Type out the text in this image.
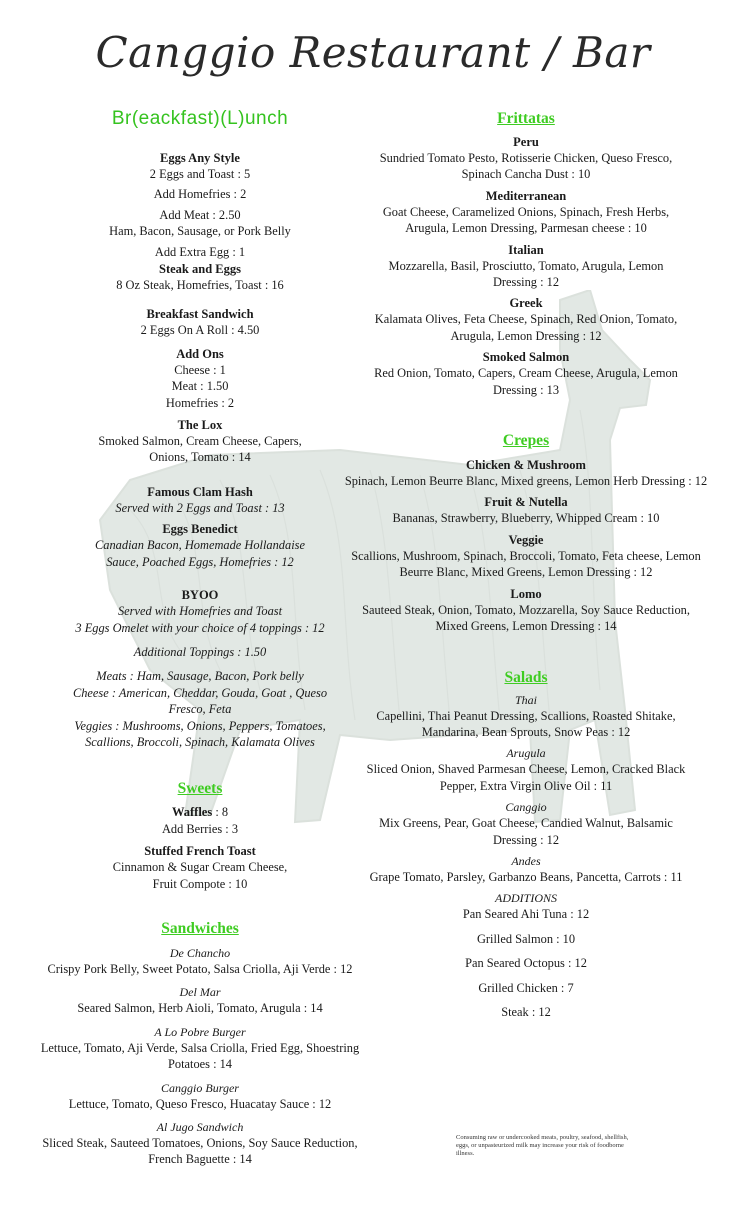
Canggio Restaurant / Bar
Br(eackfast)(L)unch
Eggs Any Style
2 Eggs and Toast : 5
Add Homefries : 2
Add Meat : 2.50
Ham, Bacon, Sausage, or Pork Belly
Add Extra Egg : 1
Steak and Eggs
8 Oz Steak, Homefries, Toast : 16
Breakfast Sandwich
2 Eggs On A Roll : 4.50
Add Ons
Cheese : 1
Meat : 1.50
Homefries : 2
The Lox
Smoked Salmon, Cream Cheese, Capers,
Onions, Tomato : 14
Famous Clam Hash
Served with 2 Eggs and Toast : 13
Eggs Benedict
Canadian Bacon, Homemade Hollandaise
Sauce, Poached Eggs, Homefries : 12
BYOO
Served with Homefries and Toast
3 Eggs Omelet with your choice of 4 toppings : 12
Additional Toppings : 1.50
Meats : Ham, Sausage, Bacon, Pork belly
Cheese : American, Cheddar, Gouda, Goat , Queso
Fresco, Feta
Veggies : Mushrooms, Onions, Peppers, Tomatoes,
Scallions, Broccoli, Spinach, Kalamata Olives
Sweets
Waffles : 8
Add Berries : 3
Stuffed French Toast
Cinnamon & Sugar Cream Cheese,
Fruit Compote : 10
Sandwiches
De Chancho
Crispy Pork Belly, Sweet Potato, Salsa Criolla, Aji Verde : 12
Del Mar
Seared Salmon, Herb Aioli, Tomato, Arugula : 14
A Lo Pobre Burger
Lettuce, Tomato, Aji Verde, Salsa Criolla, Fried Egg, Shoestring
Potatoes : 14
Canggio Burger
Lettuce, Tomato, Queso Fresco, Huacatay Sauce : 12
Al Jugo Sandwich
Sliced Steak, Sauteed Tomatoes, Onions, Soy Sauce Reduction,
French Baguette : 14
Frittatas
Peru
Sundried Tomato Pesto, Rotisserie Chicken, Queso Fresco,
Spinach Cancha Dust : 10
Mediterranean
Goat Cheese, Caramelized Onions, Spinach, Fresh Herbs,
Arugula, Lemon Dressing, Parmesan cheese : 10
Italian
Mozzarella, Basil, Prosciutto, Tomato, Arugula, Lemon
Dressing : 12
Greek
Kalamata Olives, Feta Cheese, Spinach, Red Onion, Tomato,
Arugula, Lemon Dressing : 12
Smoked Salmon
Red Onion, Tomato, Capers, Cream Cheese, Arugula, Lemon
Dressing : 13
Crepes
Chicken & Mushroom
Spinach, Lemon Beurre Blanc, Mixed greens, Lemon Herb Dressing : 12
Fruit & Nutella
Bananas, Strawberry, Blueberry, Whipped Cream : 10
Veggie
Scallions, Mushroom, Spinach, Broccoli, Tomato, Feta cheese, Lemon
Beurre Blanc, Mixed Greens, Lemon Dressing : 12
Lomo
Sauteed Steak, Onion, Tomato, Mozzarella, Soy Sauce Reduction,
Mixed Greens, Lemon Dressing : 14
Salads
Thai
Capellini, Thai Peanut Dressing, Scallions, Roasted Shitake,
Mandarina, Bean Sprouts, Snow Peas : 12
Arugula
Sliced Onion, Shaved Parmesan Cheese, Lemon, Cracked Black
Pepper, Extra Virgin Olive Oil : 11
Canggio
Mix Greens, Pear, Goat Cheese, Candied Walnut, Balsamic
Dressing : 12
Andes
Grape Tomato, Parsley, Garbanzo Beans, Pancetta, Carrots : 11
ADDITIONS
Pan Seared Ahi Tuna : 12
Grilled Salmon : 10
Pan Seared Octopus : 12
Grilled Chicken : 7
Steak : 12
Consuming raw or undercooked meats, poultry, seafood, shellfish, eggs, or unpasteurized milk may increase your risk of foodborne illness.
